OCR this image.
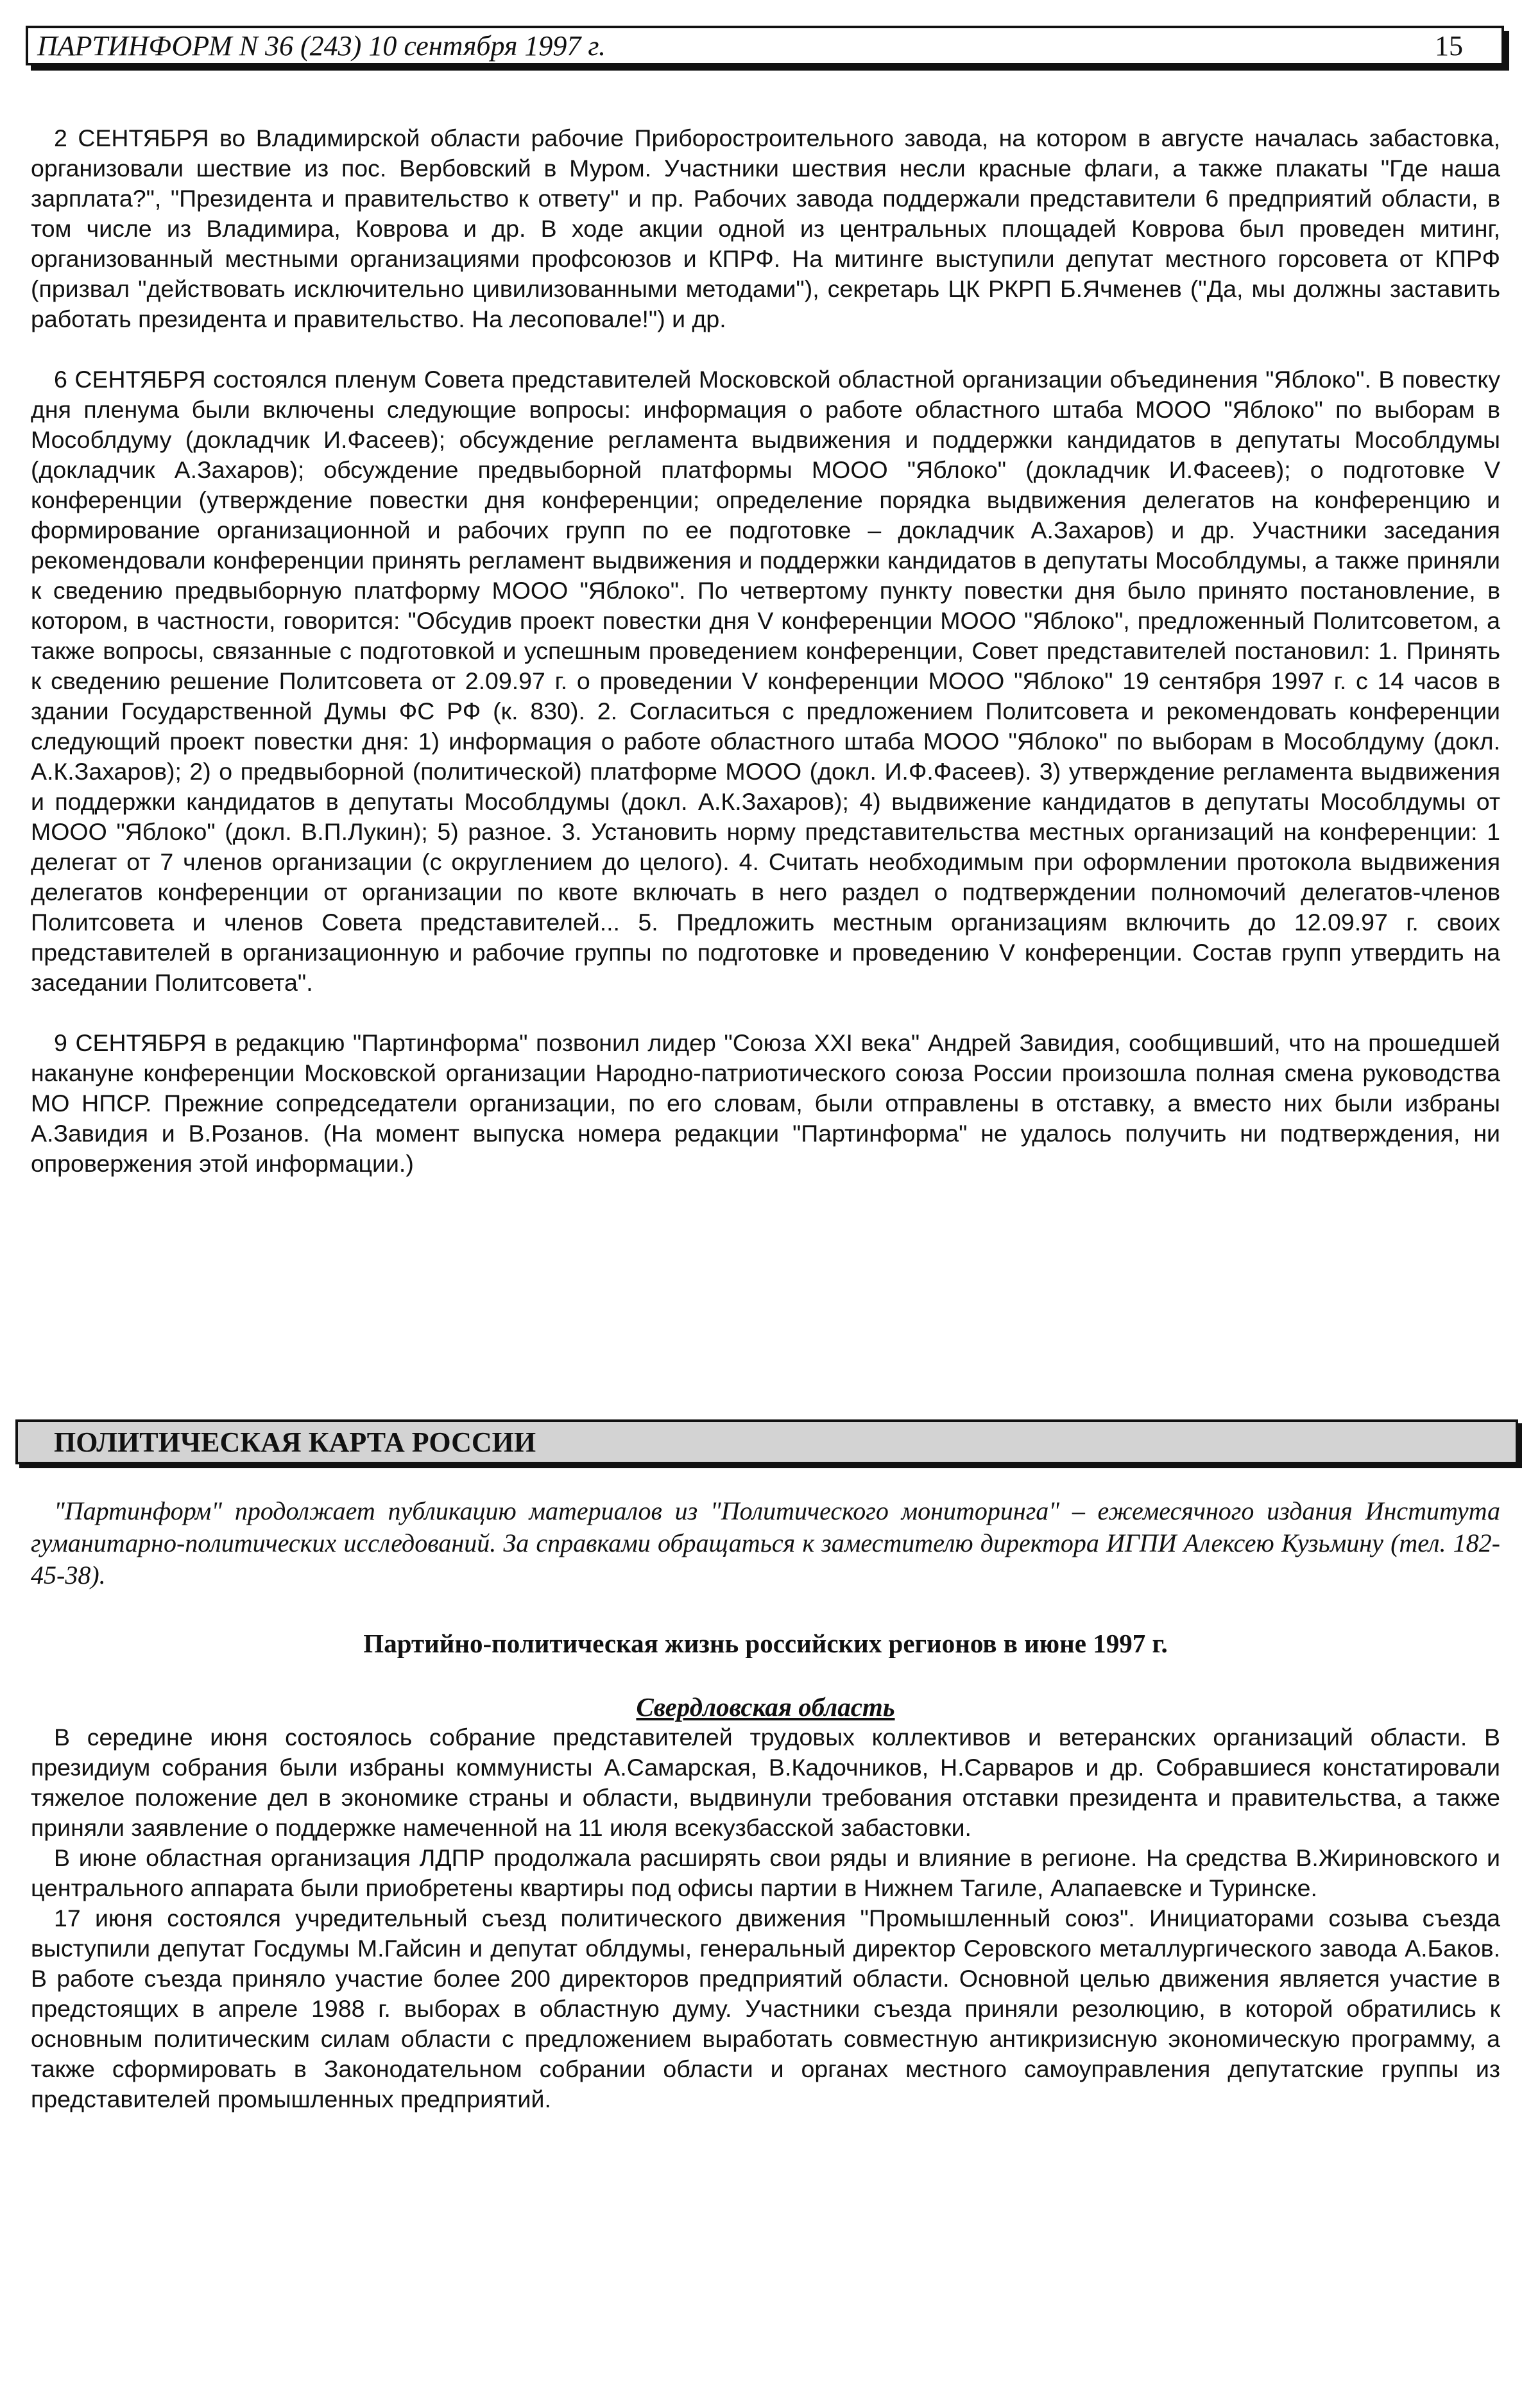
ПАРТИНФОРМ N 36 (243) 10 сентября 1997 г.	15

2 СЕНТЯБРЯ во Владимирской области рабочие Приборостроительного завода, на котором в августе началась забастовка, организовали шествие из пос. Вербовский в Муром. Участники шествия несли красные флаги, а также плакаты "Где наша зарплата?", "Президента и правительство к ответу" и пр. Рабочих завода поддержали представители 6 предприятий области, в том числе из Владимира, Коврова и др. В ходе акции одной из центральных площадей Коврова был проведен митинг, организованный местными организациями профсоюзов и КПРФ. На митинге выступили депутат местного горсовета от КПРФ (призвал "действовать исключительно цивилизованными методами"), секретарь ЦК РКРП Б.Ячменев ("Да, мы должны заставить работать президента и правительство. На лесоповале!") и др.

6 СЕНТЯБРЯ состоялся пленум Совета представителей Московской областной организации объединения "Яблоко". В повестку дня пленума были включены следующие вопросы: информация о работе областного штаба МООО "Яблоко" по выборам в Мособлдуму (докладчик И.Фасеев); обсуждение регламента выдвижения и поддержки кандидатов в депутаты Мособлдумы (докладчик А.Захаров); обсуждение предвыборной платформы МООО "Яблоко" (докладчик И.Фасеев); о подготовке V конференции (утверждение повестки дня конференции; определение порядка выдвижения делегатов на конференцию и формирование организационной и рабочих групп по ее подготовке – докладчик А.Захаров) и др. Участники заседания рекомендовали конференции принять регламент выдвижения и поддержки кандидатов в депутаты Мособлдумы, а также приняли к сведению предвыборную платформу МООО "Яблоко". По четвертому пункту повестки дня было принято постановление, в котором, в частности, говорится: "Обсудив проект повестки дня V конференции МООО "Яблоко", предложенный Политсоветом, а также вопросы, связанные с подготовкой и успешным проведением конференции, Совет представителей постановил: 1. Принять к сведению решение Политсовета от 2.09.97 г. о проведении V конференции МООО "Яблоко" 19 сентября 1997 г. с 14 часов в здании Государственной Думы ФС РФ (к. 830). 2. Согласиться с предложением Политсовета и рекомендовать конференции следующий проект повестки дня: 1) информация о работе областного штаба МООО "Яблоко" по выборам в Мособлдуму (докл. А.К.Захаров); 2) о предвыборной (политической) платформе МООО (докл. И.Ф.Фасеев). 3) утверждение регламента выдвижения и поддержки кандидатов в депутаты Мособлдумы (докл. А.К.Захаров); 4) выдвижение кандидатов в депутаты Мособлдумы от МООО "Яблоко" (докл. В.П.Лукин); 5) разное. 3. Установить норму представительства местных организаций на конференции: 1 делегат от 7 членов организации (с округлением до целого). 4. Считать необходимым при оформлении протокола выдвижения делегатов конференции от организации по квоте включать в него раздел о подтверждении полномочий делегатов-членов Политсовета и членов Совета представителей... 5. Предложить местным организациям включить до 12.09.97 г. своих представителей в организационную и рабочие группы по подготовке и проведению V конференции. Состав групп утвердить на заседании Политсовета".

9 СЕНТЯБРЯ в редакцию "Партинформа" позвонил лидер "Союза XXI века" Андрей Завидия, сообщивший, что на прошедшей накануне конференции Московской организации Народно-патриотического союза России произошла полная смена руководства МО НПСР. Прежние сопредседатели организации, по его словам, были отправлены в отставку, а вместо них были избраны А.Завидия и В.Розанов. (На момент выпуска номера редакции "Партинформа" не удалось получить ни подтверждения, ни опровержения этой информации.)

ПОЛИТИЧЕСКАЯ КАРТА РОССИИ

"Партинформ" продолжает публикацию материалов из "Политического мониторинга" – ежемесячного издания Института гуманитарно-политических исследований. За справками обращаться к заместителю директора ИГПИ Алексею Кузьмину (тел. 182-45-38).

Партийно-политическая жизнь российских регионов в июне 1997 г.
Свердловская область

В середине июня состоялось собрание представителей трудовых коллективов и ветеранских организаций области. В президиум собрания были избраны коммунисты А.Самарская, В.Кадочников, Н.Сарваров и др. Собравшиеся констатировали тяжелое положение дел в экономике страны и области, выдвинули требования отставки президента и правительства, а также приняли заявление о поддержке намеченной на 11 июля всекузбасской забастовки.

В июне областная организация ЛДПР продолжала расширять свои ряды и влияние в регионе. На средства В.Жириновского и центрального аппарата были приобретены квартиры под офисы партии в Нижнем Тагиле, Алапаевске и Туринске.

17 июня состоялся учредительный съезд политического движения "Промышленный союз". Инициаторами созыва съезда выступили депутат Госдумы М.Гайсин и депутат облдумы, генеральный директор Серовского металлургического завода А.Баков. В работе съезда приняло участие более 200 директоров предприятий области. Основной целью движения является участие в предстоящих в апреле 1988 г. выборах в областную думу. Участники съезда приняли резолюцию, в которой обратились к основным политическим силам области с предложением выработать совместную антикризисную экономическую программу, а также сформировать в Законодательном собрании области и органах местного самоуправления депутатские группы из представителей промышленных предприятий.
